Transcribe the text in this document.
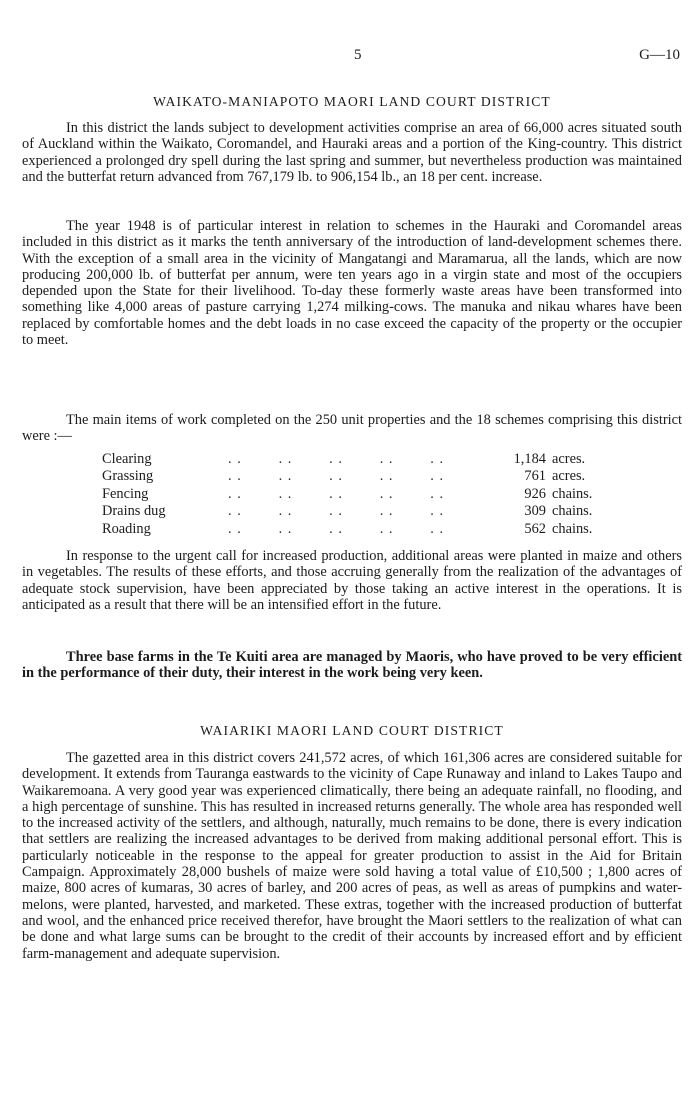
5	G—10
WAIKATO-MANIAPOTO MAORI LAND COURT DISTRICT

In this district the lands subject to development activities comprise an area of 66,000 acres situated south of Auckland within the Waikato, Coromandel, and Hauraki areas and a portion of the King-country. This district experienced a prolonged dry spell during the last spring and summer, but nevertheless production was maintained and the butterfat return advanced from 767,179 lb. to 906,154 lb., an 18 per cent. increase.

The year 1948 is of particular interest in relation to schemes in the Hauraki and Coromandel areas included in this district as it marks the tenth anniversary of the introduction of land-development schemes there. With the exception of a small area in the vicinity of Mangatangi and Maramarua, all the lands, which are now producing 200,000 lb. of butterfat per annum, were ten years ago in a virgin state and most of the occupiers depended upon the State for their livelihood. To-day these formerly waste areas have been transformed into something like 4,000 areas of pasture carrying 1,274 milking-cows. The manuka and nikau whares have been replaced by comfortable homes and the debt loads in no case exceed the capacity of the property or the occupier to meet.

The main items of work completed on the 250 unit properties and the 18 schemes comprising this district were :—

Clearing	. .        . .        . .        . .        . .	1,184 acres.
Grassing	. .        . .        . .        . .        . .	761 acres.
Fencing	. .        . .        . .        . .        . .	926 chains.
Drains dug	. .        . .        . .        . .        . .	309 chains.
Roading	. .        . .        . .        . .        . .	562 chains.

In response to the urgent call for increased production, additional areas were planted in maize and others in vegetables. The results of these efforts, and those accruing generally from the realization of the advantages of adequate stock supervision, have been appreciated by those taking an active interest in the operations. It is anticipated as a result that there will be an intensified effort in the future.

Three base farms in the Te Kuiti area are managed by Maoris, who have proved to be very efficient in the performance of their duty, their interest in the work being very keen.

WAIARIKI MAORI LAND COURT DISTRICT

The gazetted area in this district covers 241,572 acres, of which 161,306 acres are considered suitable for development. It extends from Tauranga eastwards to the vicinity of Cape Runaway and inland to Lakes Taupo and Waikaremoana. A very good year was experienced climatically, there being an adequate rainfall, no flooding, and a high percentage of sunshine. This has resulted in increased returns generally. The whole area has responded well to the increased activity of the settlers, and although, naturally, much remains to be done, there is every indication that settlers are realizing the increased advantages to be derived from making additional personal effort. This is particularly noticeable in the response to the appeal for greater production to assist in the Aid for Britain Campaign. Approximately 28,000 bushels of maize were sold having a total value of £10,500 ; 1,800 acres of maize, 800 acres of kumaras, 30 acres of barley, and 200 acres of peas, as well as areas of pumpkins and water-melons, were planted, harvested, and marketed. These extras, together with the increased production of butterfat and wool, and the enhanced price received therefor, have brought the Maori settlers to the realization of what can be done and what large sums can be brought to the credit of their accounts by increased effort and by efficient farm-management and adequate supervision.
